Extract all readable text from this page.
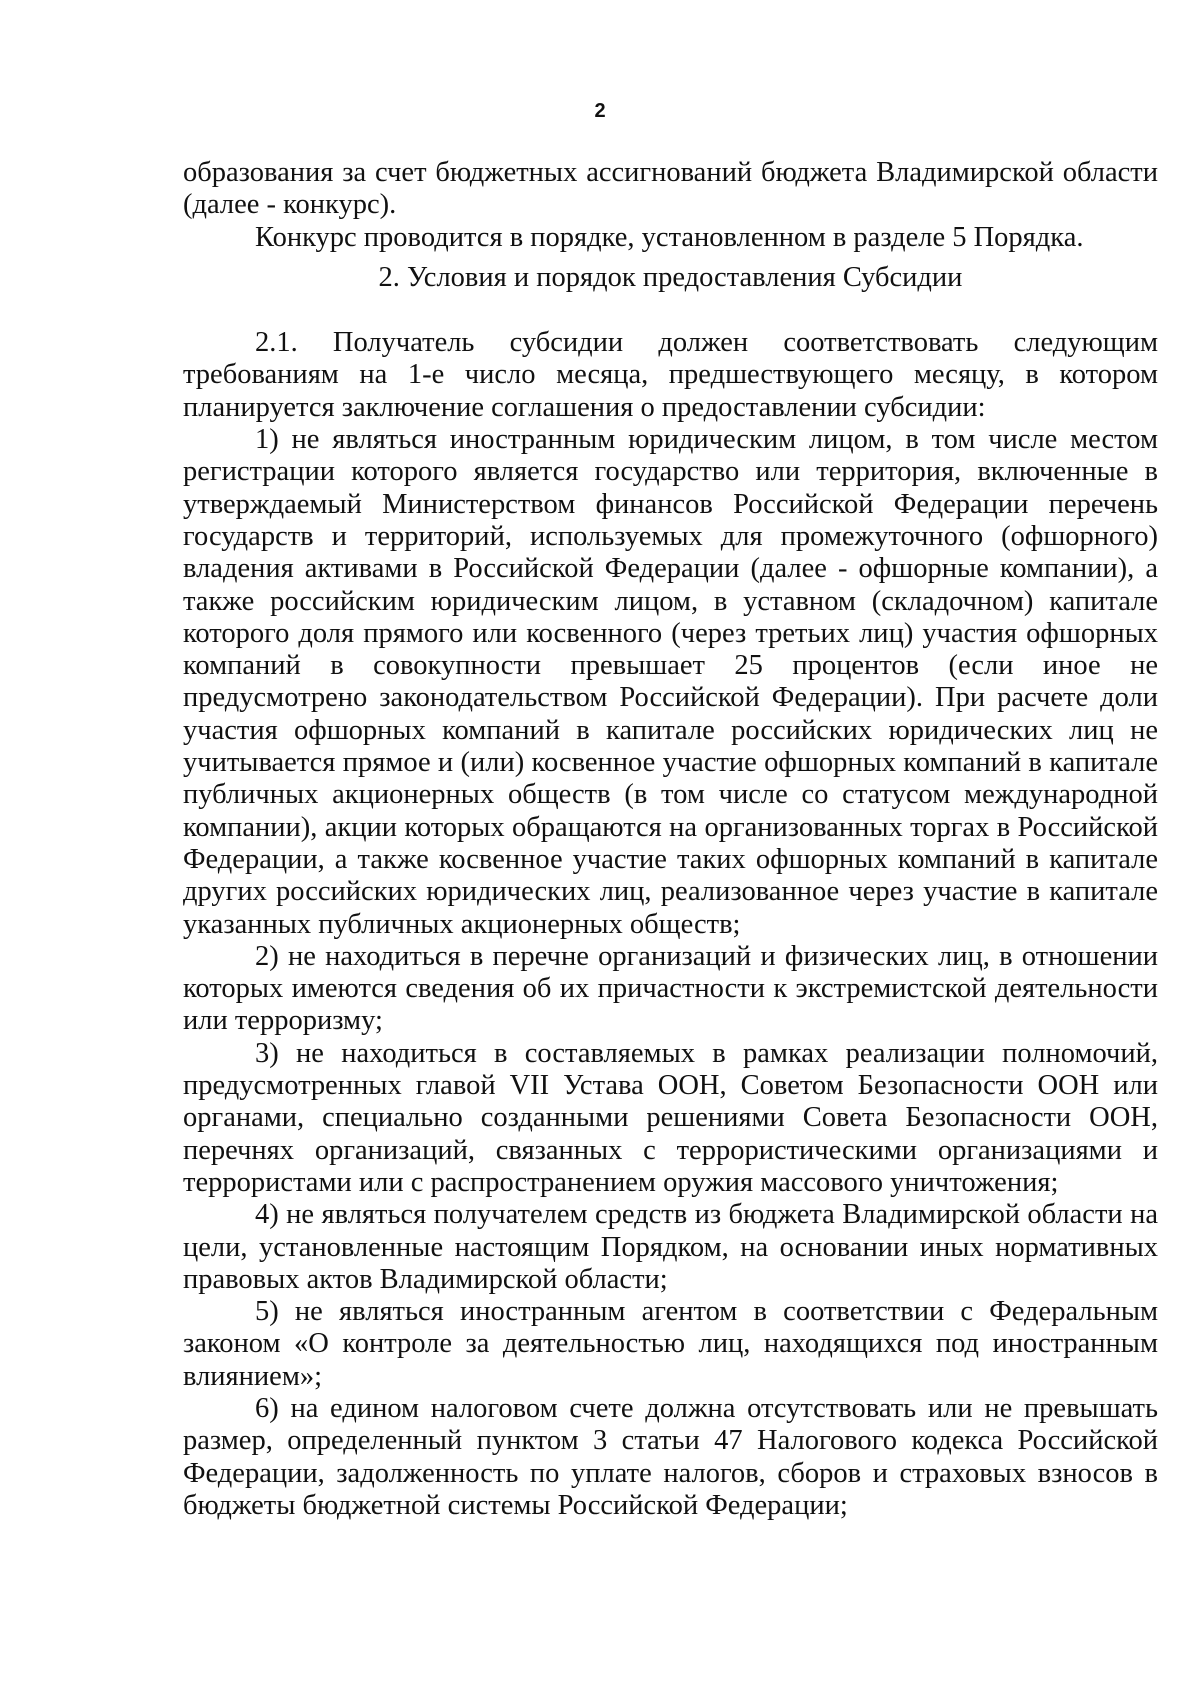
2

образования за счет бюджетных ассигнований бюджета Владимирской области (далее - конкурс).

Конкурс проводится в порядке, установленном в разделе 5 Порядка.

2. Условия и порядок предоставления Субсидии

2.1. Получатель субсидии должен соответствовать следующим требованиям на 1-е число месяца, предшествующего месяцу, в котором планируется заключение соглашения о предоставлении субсидии:

1) не являться иностранным юридическим лицом, в том числе местом регистрации которого является государство или территория, включенные в утверждаемый Министерством финансов Российской Федерации перечень государств и территорий, используемых для промежуточного (офшорного) владения активами в Российской Федерации (далее - офшорные компании), а также российским юридическим лицом, в уставном (складочном) капитале которого доля прямого или косвенного (через третьих лиц) участия офшорных компаний в совокупности превышает 25 процентов (если иное не предусмотрено законодательством Российской Федерации). При расчете доли участия офшорных компаний в капитале российских юридических лиц не учитывается прямое и (или) косвенное участие офшорных компаний в капитале публичных акционерных обществ (в том числе со статусом международной компании), акции которых обращаются на организованных торгах в Российской Федерации, а также косвенное участие таких офшорных компаний в капитале других российских юридических лиц, реализованное через участие в капитале указанных публичных акционерных обществ;

2) не находиться в перечне организаций и физических лиц, в отношении которых имеются сведения об их причастности к экстремистской деятельности или терроризму;

3) не находиться в составляемых в рамках реализации полномочий, предусмотренных главой VII Устава ООН, Советом Безопасности ООН или органами, специально созданными решениями Совета Безопасности ООН, перечнях организаций, связанных с террористическими организациями и террористами или с распространением оружия массового уничтожения;

4) не являться получателем средств из бюджета Владимирской области на цели, установленные настоящим Порядком, на основании иных нормативных правовых актов Владимирской области;

5) не являться иностранным агентом в соответствии с Федеральным законом «О контроле за деятельностью лиц, находящихся под иностранным влиянием»;

6) на едином налоговом счете должна отсутствовать или не превышать размер, определенный пунктом 3 статьи 47 Налогового кодекса Российской Федерации, задолженность по уплате налогов, сборов и страховых взносов в бюджеты бюджетной системы Российской Федерации;
